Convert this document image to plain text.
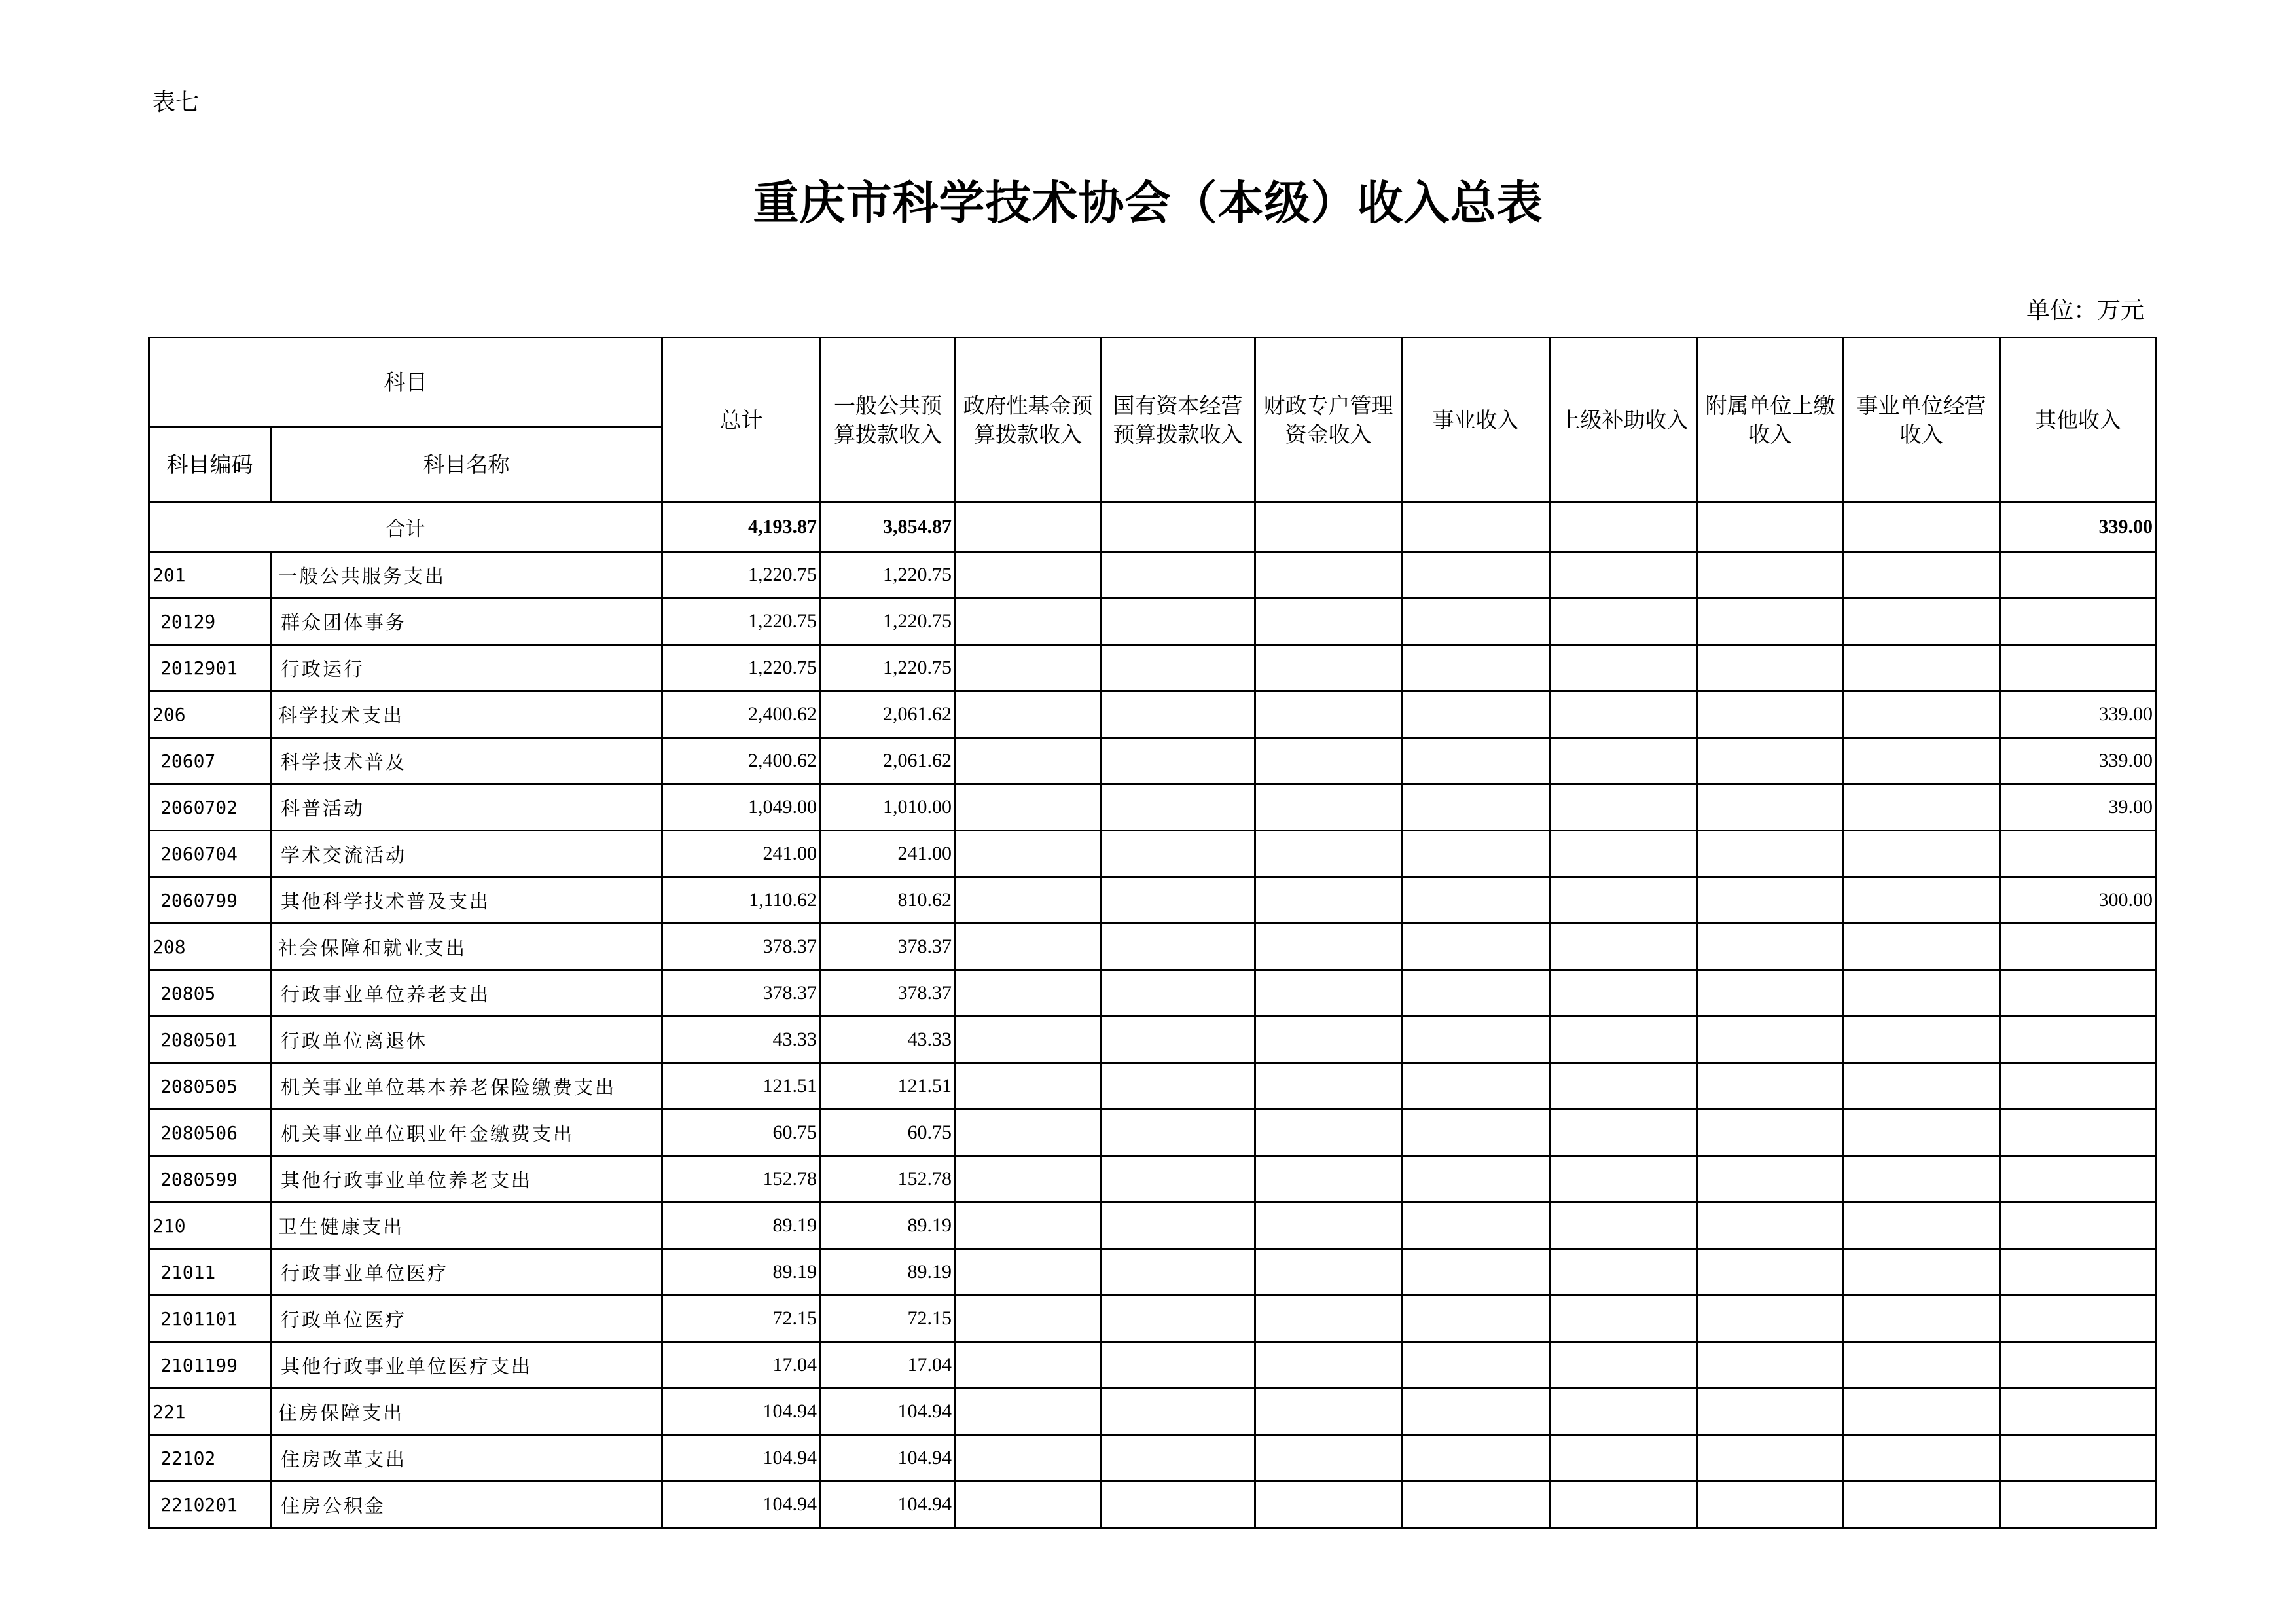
表七
重庆市科学技术协会（本级）收入总表
单位：万元
科目		总计	一般公共预算拨款收入	政府性基金预算拨款收入	国有资本经营预算拨款收入	财政专户管理资金收入	事业收入	上级补助收入	附属单位上缴收入	事业单位经营收入	其他收入
科目编码	科目名称										
合计		4,193.87	3,854.87								339.00
201	一般公共服务支出	1,220.75	1,220.75								
20129	群众团体事务	1,220.75	1,220.75								
2012901	行政运行	1,220.75	1,220.75								
206	科学技术支出	2,400.62	2,061.62								339.00
20607	科学技术普及	2,400.62	2,061.62								339.00
2060702	科普活动	1,049.00	1,010.00								39.00
2060704	学术交流活动	241.00	241.00								
2060799	其他科学技术普及支出	1,110.62	810.62								300.00
208	社会保障和就业支出	378.37	378.37								
20805	行政事业单位养老支出	378.37	378.37								
2080501	行政单位离退休	43.33	43.33								
2080505	机关事业单位基本养老保险缴费支出	121.51	121.51								
2080506	机关事业单位职业年金缴费支出	60.75	60.75								
2080599	其他行政事业单位养老支出	152.78	152.78								
210	卫生健康支出	89.19	89.19								
21011	行政事业单位医疗	89.19	89.19								
2101101	行政单位医疗	72.15	72.15								
2101199	其他行政事业单位医疗支出	17.04	17.04								
221	住房保障支出	104.94	104.94								
22102	住房改革支出	104.94	104.94								
2210201	住房公积金	104.94	104.94								
